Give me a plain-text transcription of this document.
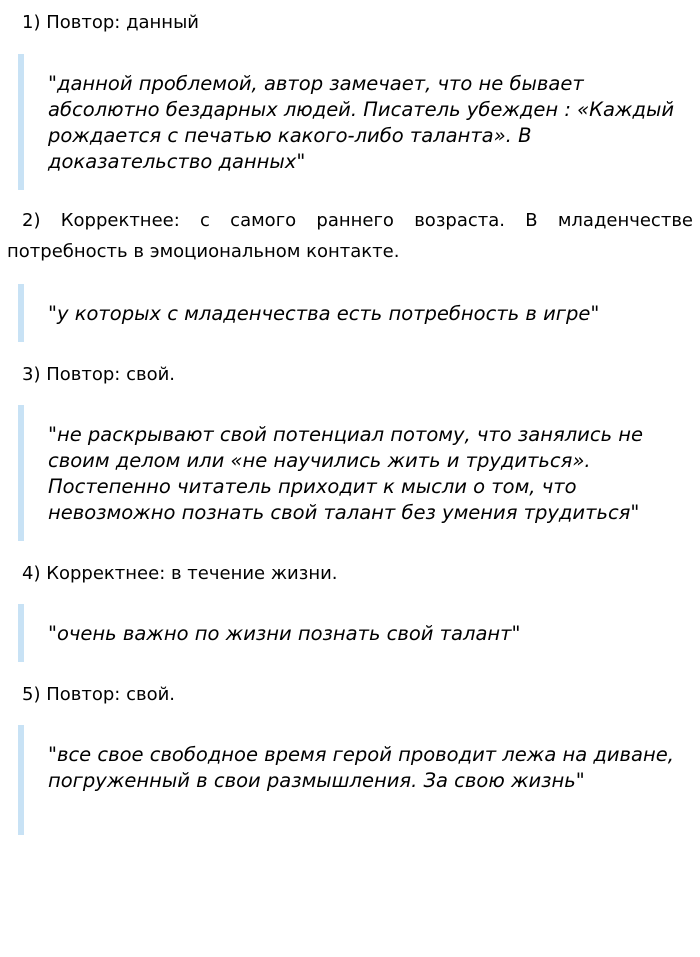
1) Повтор: данный

"данной проблемой, автор замечает, что не бывает абсолютно бездарных людей. Писатель убежден : «Каждый рождается с печатью какого-либо таланта». В доказательство данных"

2) Корректнее: с самого раннего возраста. В младенчестве потребность в эмоциональном контакте.

"у которых с младенчества есть потребность в игре"

3) Повтор: свой.

"не раскрывают свой потенциал потому, что занялись не своим делом или «не научились жить и трудиться». Постепенно читатель приходит к мысли о том, что невозможно познать свой талант без умения трудиться"

4) Корректнее: в течение жизни.

"очень важно по жизни познать свой талант"

5) Повтор: свой.

"все свое свободное время герой проводит лежа на диване, погруженный в свои размышления. За свою жизнь"
